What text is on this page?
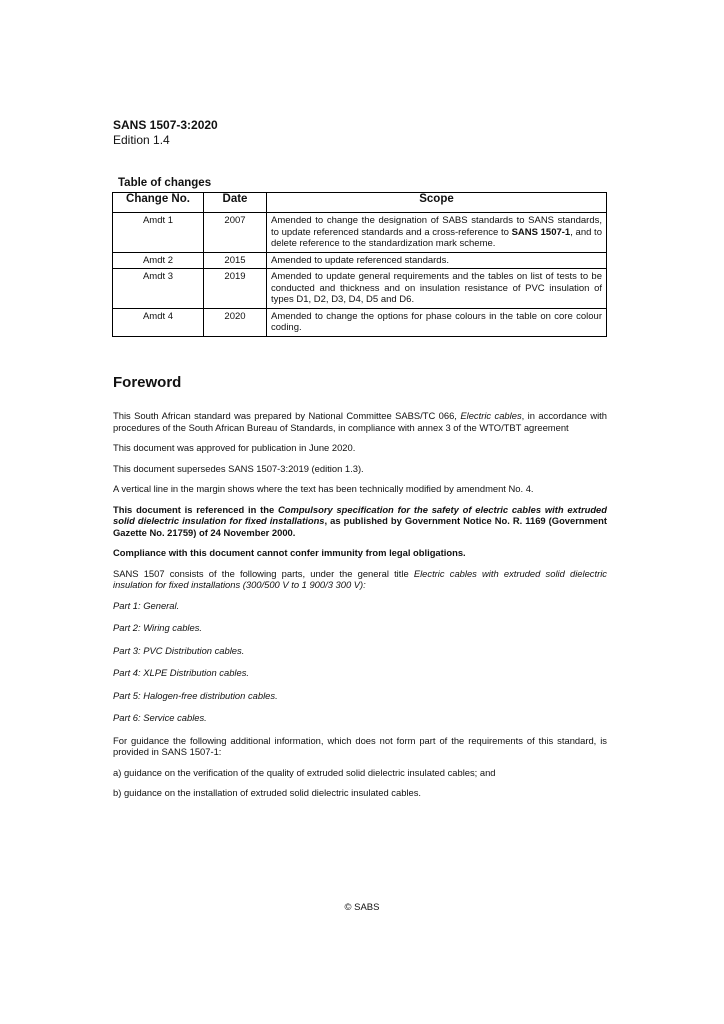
SANS 1507-3:2020
Edition 1.4
Table of changes
Change No.	Date	Scope
Amdt 1	2007	Amended to change the designation of SABS standards to SANS standards, to update referenced standards and a cross-reference to SANS 1507-1, and to delete reference to the standardization mark scheme.
Amdt 2	2015	Amended to update referenced standards.
Amdt 3	2019	Amended to update general requirements and the tables on list of tests to be conducted and thickness and on insulation resistance of PVC insulation of types D1, D2, D3, D4, D5 and D6.
Amdt 4	2020	Amended to change the options for phase colours in the table on core colour coding.
Foreword

This South African standard was prepared by National Committee SABS/TC 066, Electric cables, in accordance with procedures of the South African Bureau of Standards, in compliance with annex 3 of the WTO/TBT agreement

This document was approved for publication in June 2020.

This document supersedes SANS 1507-3:2019 (edition 1.3).

A vertical line in the margin shows where the text has been technically modified by amendment No. 4.

This document is referenced in the Compulsory specification for the safety of electric cables with extruded solid dielectric insulation for fixed installations, as published by Government Notice No. R. 1169 (Government Gazette No. 21759) of 24 November 2000.

Compliance with this document cannot confer immunity from legal obligations.

SANS 1507 consists of the following parts, under the general title Electric cables with extruded solid dielectric insulation for fixed installations (300/500 V to 1 900/3 300 V):

Part 1: General.

Part 2: Wiring cables.

Part 3: PVC Distribution cables.

Part 4: XLPE Distribution cables.

Part 5: Halogen-free distribution cables.

Part 6: Service cables.

For guidance the following additional information, which does not form part of the requirements of this standard, is provided in SANS 1507-1:

a) guidance on the verification of the quality of extruded solid dielectric insulated cables; and

b) guidance on the installation of extruded solid dielectric insulated cables.

© SABS
